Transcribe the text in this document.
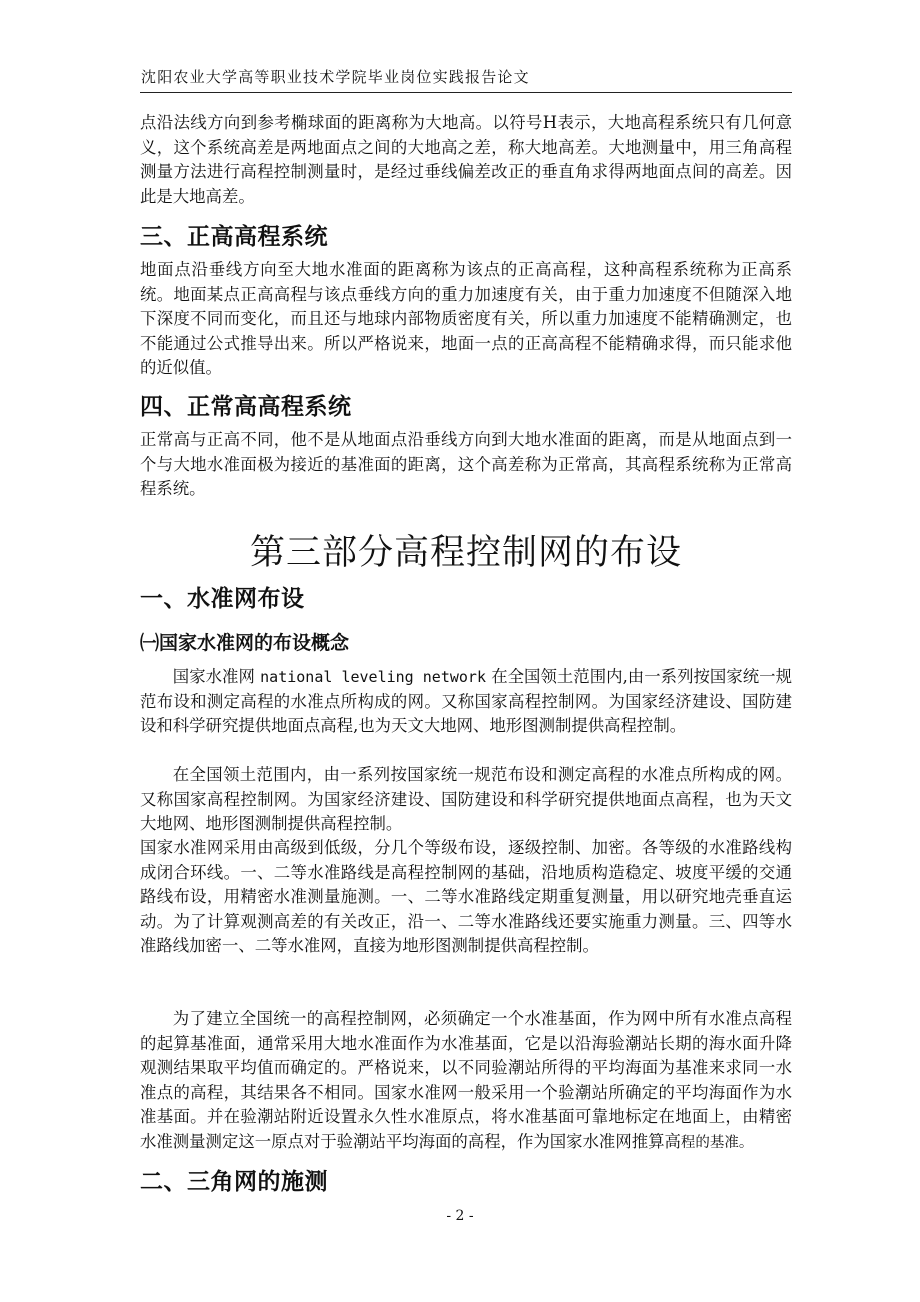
沈阳农业大学高等职业技术学院毕业岗位实践报告论文

点沿法线方向到参考椭球面的距离称为大地高。以符号H表示，大地高程系统只有几何意义，这个系统高差是两地面点之间的大地高之差，称大地高差。大地测量中，用三角高程测量方法进行高程控制测量时，是经过垂线偏差改正的垂直角求得两地面点间的高差。因此是大地高差。

三、正高高程系统

地面点沿垂线方向至大地水准面的距离称为该点的正高高程，这种高程系统称为正高系统。地面某点正高高程与该点垂线方向的重力加速度有关，由于重力加速度不但随深入地下深度不同而变化，而且还与地球内部物质密度有关，所以重力加速度不能精确测定，也不能通过公式推导出来。所以严格说来，地面一点的正高高程不能精确求得，而只能求他的近似值。

四、正常高高程系统

正常高与正高不同，他不是从地面点沿垂线方向到大地水准面的距离，而是从地面点到一个与大地水准面极为接近的基准面的距离，这个高差称为正常高，其高程系统称为正常高程系统。

第三部分高程控制网的布设
一、水准网布设
㈠国家水准网的布设概念

国家水准网 national leveling network 在全国领土范围内,由一系列按国家统一规范布设和测定高程的水准点所构成的网。又称国家高程控制网。为国家经济建设、国防建设和科学研究提供地面点高程,也为天文大地网、地形图测制提供高程控制。

在全国领土范围内，由一系列按国家统一规范布设和测定高程的水准点所构成的网。又称国家高程控制网。为国家经济建设、国防建设和科学研究提供地面点高程，也为天文大地网、地形图测制提供高程控制。

国家水准网采用由高级到低级，分几个等级布设，逐级控制、加密。各等级的水准路线构成闭合环线。一、二等水准路线是高程控制网的基础，沿地质构造稳定、坡度平缓的交通路线布设，用精密水准测量施测。一、二等水准路线定期重复测量，用以研究地壳垂直运动。为了计算观测高差的有关改正，沿一、二等水准路线还要实施重力测量。三、四等水准路线加密一、二等水准网，直接为地形图测制提供高程控制。

为了建立全国统一的高程控制网，必须确定一个水准基面，作为网中所有水准点高程的起算基准面，通常采用大地水准面作为水准基面，它是以沿海验潮站长期的海水面升降观测结果取平均值而确定的。严格说来，以不同验潮站所得的平均海面为基准来求同一水准点的高程，其结果各不相同。国家水准网一般采用一个验潮站所确定的平均海面作为水准基面。并在验潮站附近设置永久性水准原点，将水准基面可靠地标定在地面上，由精密水准测量测定这一原点对于验潮站平均海面的高程，作为国家水准网推算高程的基准。

二、三角网的施测
- 2 -
